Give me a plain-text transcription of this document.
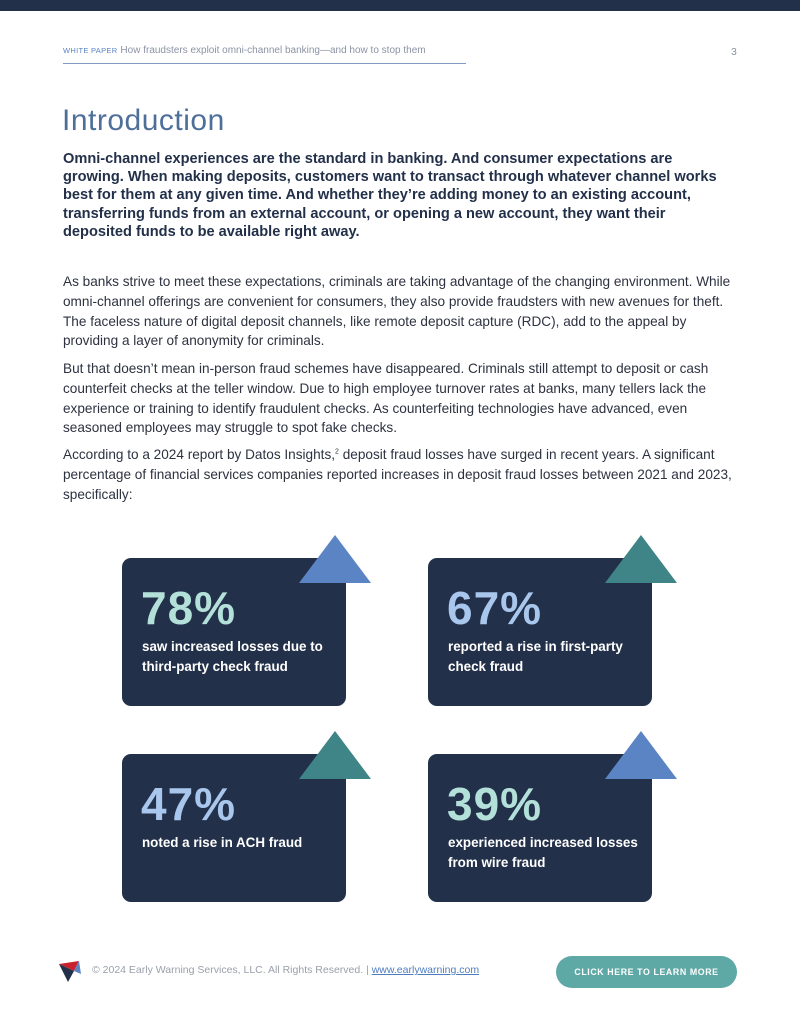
WHITE PAPER How fraudsters exploit omni-channel banking—and how to stop them	3
Introduction

Omni-channel experiences are the standard in banking. And consumer expectations are growing. When making deposits, customers want to transact through whatever channel works best for them at any given time. And whether they’re adding money to an existing account, transferring funds from an external account, or opening a new account, they want their deposited funds to be available right away.

As banks strive to meet these expectations, criminals are taking advantage of the changing environment. While omni-channel offerings are convenient for consumers, they also provide fraudsters with new avenues for theft. The faceless nature of digital deposit channels, like remote deposit capture (RDC), add to the appeal by providing a layer of anonymity for criminals.

But that doesn’t mean in-person fraud schemes have disappeared. Criminals still attempt to deposit or cash counterfeit checks at the teller window. Due to high employee turnover rates at banks, many tellers lack the experience or training to identify fraudulent checks. As counterfeiting technologies have advanced, even seasoned employees may struggle to spot fake checks.

According to a 2024 report by Datos Insights,$^2$ deposit fraud losses have surged in recent years. A significant percentage of financial services companies reported increases in deposit fraud losses between 2021 and 2023, specifically:

78%
saw increased losses due to third-party check fraud
67%
reported a rise in first-party check fraud
47%
noted a rise in ACH fraud
39%
experienced increased losses from wire fraud
© 2024 Early Warning Services, LLC. All Rights Reserved. | www.earlywarning.com	CLICK HERE TO LEARN MORE
